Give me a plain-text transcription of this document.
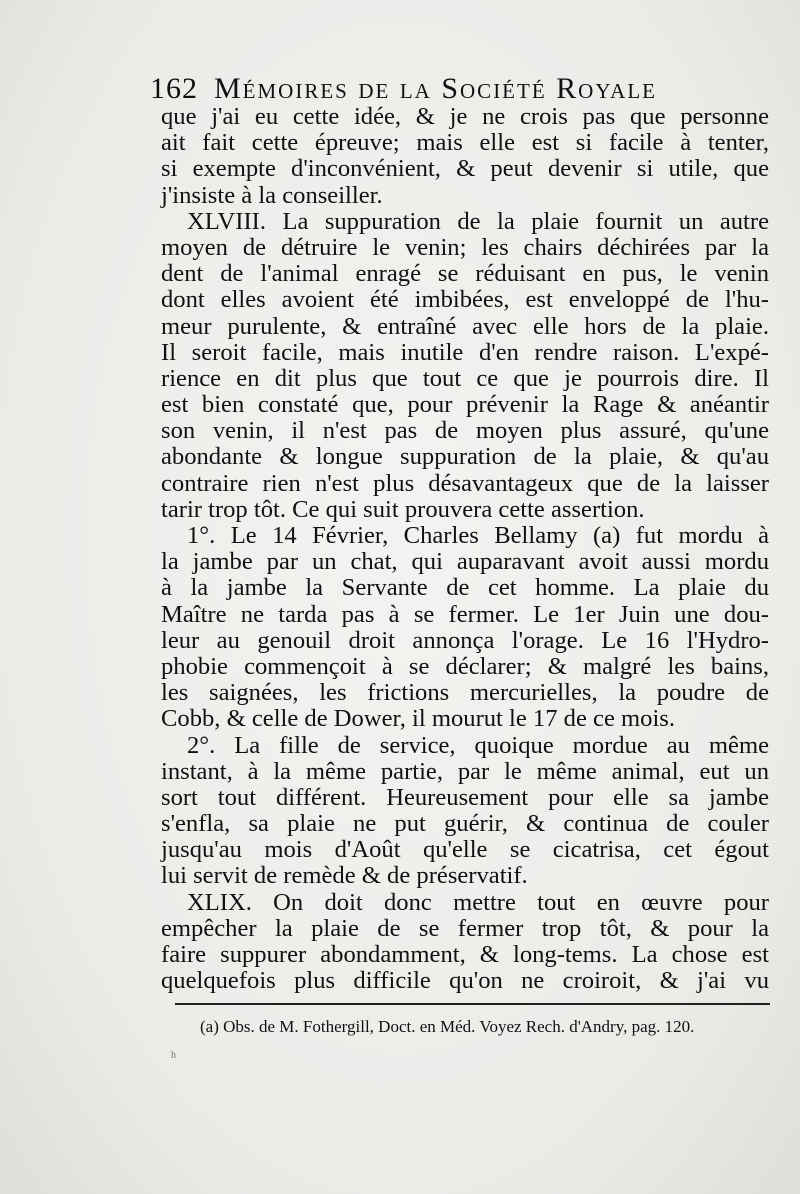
162 Mémoires de la Société Royale
que j'ai eu cette idée, & je ne crois pas que personne
ait fait cette épreuve; mais elle est si facile à tenter,
si exempte d'inconvénient, & peut devenir si utile, que
j'insiste à la conseiller.
XLVIII. La suppuration de la plaie fournit un autre
moyen de détruire le venin; les chairs déchirées par la
dent de l'animal enragé se réduisant en pus, le venin
dont elles avoient été imbibées, est enveloppé de l'hu-
meur purulente, & entraîné avec elle hors de la plaie.
Il seroit facile, mais inutile d'en rendre raison. L'expé-
rience en dit plus que tout ce que je pourrois dire. Il
est bien constaté que, pour prévenir la Rage & anéantir
son venin, il n'est pas de moyen plus assuré, qu'une
abondante & longue suppuration de la plaie, & qu'au
contraire rien n'est plus désavantageux que de la laisser
tarir trop tôt. Ce qui suit prouvera cette assertion.
1°. Le 14 Février, Charles Bellamy (a) fut mordu à
la jambe par un chat, qui auparavant avoit aussi mordu
à la jambe la Servante de cet homme. La plaie du
Maître ne tarda pas à se fermer. Le 1er Juin une dou-
leur au genouil droit annonça l'orage. Le 16 l'Hydro-
phobie commençoit à se déclarer; & malgré les bains,
les saignées, les frictions mercurielles, la poudre de
Cobb, & celle de Dower, il mourut le 17 de ce mois.
2°. La fille de service, quoique mordue au même
instant, à la même partie, par le même animal, eut un
sort tout différent. Heureusement pour elle sa jambe
s'enfla, sa plaie ne put guérir, & continua de couler
jusqu'au mois d'Août qu'elle se cicatrisa, cet égout
lui servit de remède & de préservatif.
XLIX. On doit donc mettre tout en œuvre pour
empêcher la plaie de se fermer trop tôt, & pour la
faire suppurer abondamment, & long-tems. La chose est
quelquefois plus difficile qu'on ne croiroit, & j'ai vu
(a) Obs. de M. Fothergill, Doct. en Méd. Voyez Rech. d'Andry, pag. 120.
h
